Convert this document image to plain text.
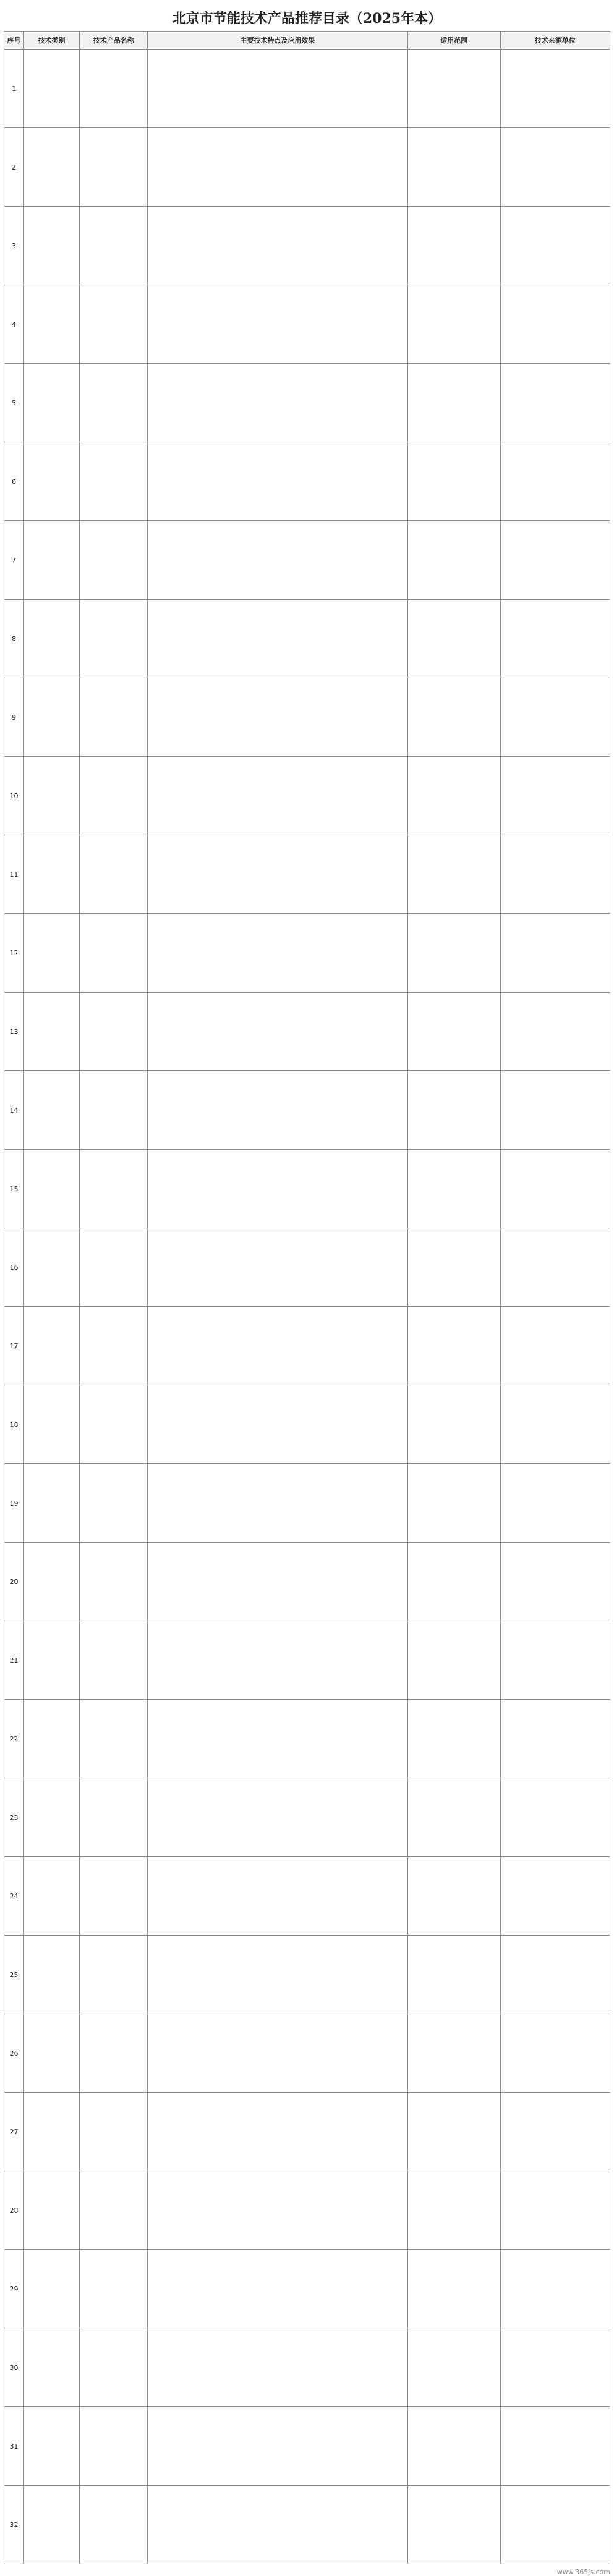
北京市节能技术产品推荐目录（2025年本）
序号	技术类别	技术产品名称	主要技术特点及应用效果	适用范围	技术来源单位
1					
2					
3					
4					
5					
6					
7					
8					
9					
10					
11					
12					
13					
14					
15					
16					
17					
18					
19					
20					
21					
22					
23					
24					
25					
26					
27					
28					
29					
30					
31					
32					
www.365js.com
